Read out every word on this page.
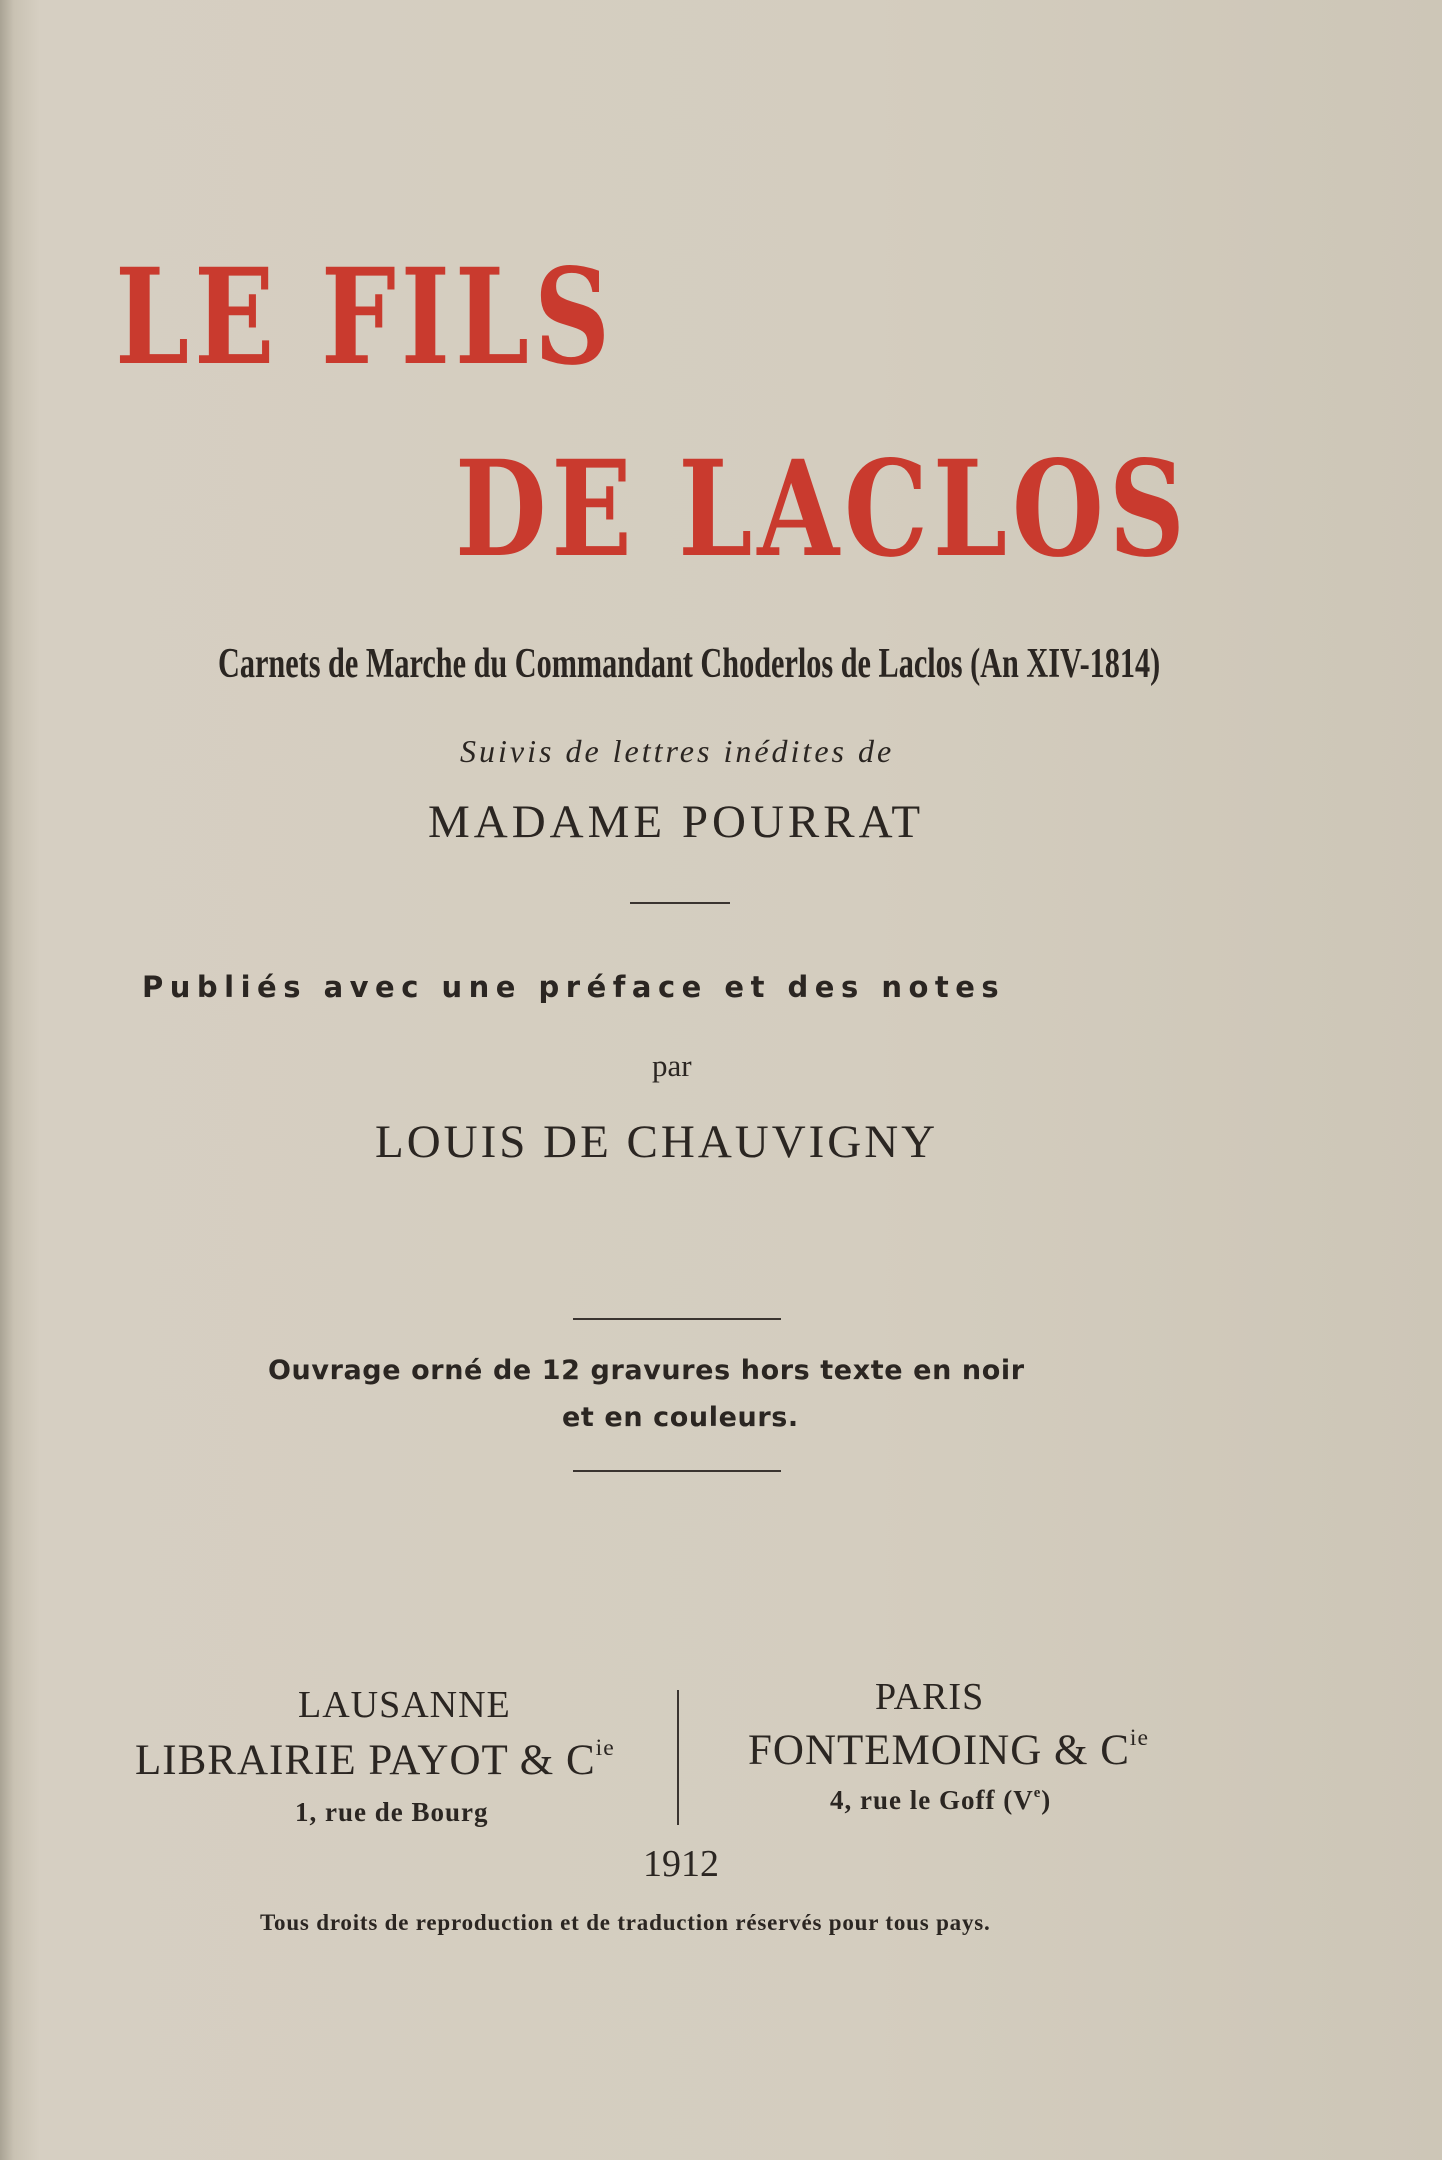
LE FILS
DE LACLOS
Carnets de Marche du Commandant Choderlos de Laclos (An XIV-1814)
Suivis de lettres inédites de
MADAME POURRAT
Publiés avec une préface et des notes
par
LOUIS DE CHAUVIGNY
Ouvrage orné de 12 gravures hors texte en noir
et en couleurs.
LAUSANNE
LIBRAIRIE PAYOT & $C^{ie}$
1, rue de Bourg
PARIS
FONTEMOING & $C^{ie}$
4, rue le Goff (Ve)
1912
Tous droits de reproduction et de traduction réservés pour tous pays.
